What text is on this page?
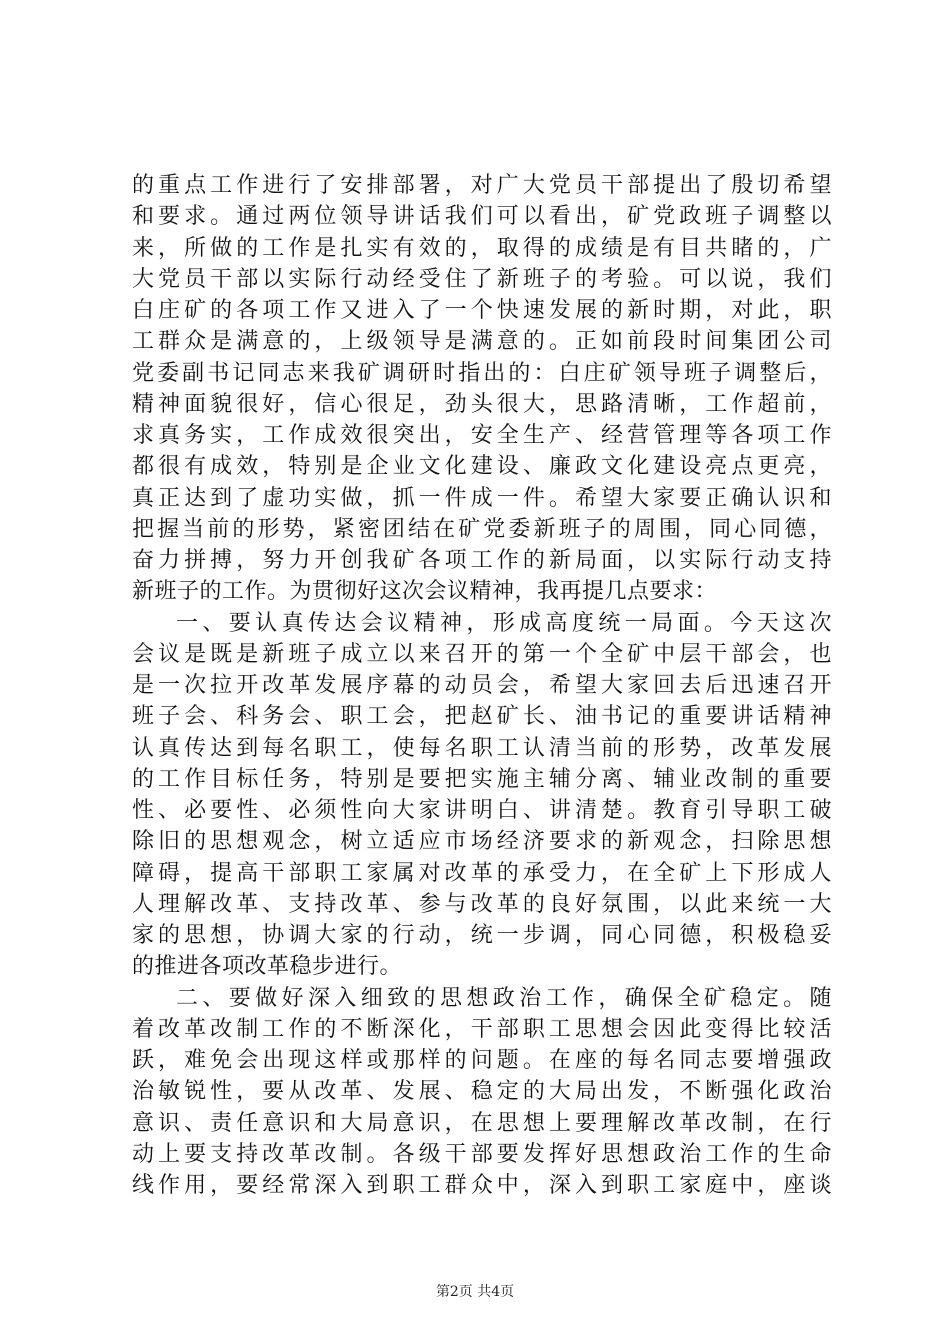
的重点工作进行了安排部署，对广大党员干部提出了殷切希望
和要求。通过两位领导讲话我们可以看出，矿党政班子调整以
来，所做的工作是扎实有效的，取得的成绩是有目共睹的，广
大党员干部以实际行动经受住了新班子的考验。可以说，我们
白庄矿的各项工作又进入了一个快速发展的新时期，对此，职
工群众是满意的，上级领导是满意的。正如前段时间集团公司
党委副书记同志来我矿调研时指出的：白庄矿领导班子调整后，
精神面貌很好，信心很足，劲头很大，思路清晰，工作超前，
求真务实，工作成效很突出，安全生产、经营管理等各项工作
都很有成效，特别是企业文化建设、廉政文化建设亮点更亮，
真正达到了虚功实做，抓一件成一件。希望大家要正确认识和
把握当前的形势，紧密团结在矿党委新班子的周围，同心同德，
奋力拼搏，努力开创我矿各项工作的新局面，以实际行动支持
新班子的工作。为贯彻好这次会议精神，我再提几点要求：
一、要认真传达会议精神，形成高度统一局面。今天这次
会议是既是新班子成立以来召开的第一个全矿中层干部会，也
是一次拉开改革发展序幕的动员会，希望大家回去后迅速召开
班子会、科务会、职工会，把赵矿长、油书记的重要讲话精神
认真传达到每名职工，使每名职工认清当前的形势，改革发展
的工作目标任务，特别是要把实施主辅分离、辅业改制的重要
性、必要性、必须性向大家讲明白、讲清楚。教育引导职工破
除旧的思想观念，树立适应市场经济要求的新观念，扫除思想
障碍，提高干部职工家属对改革的承受力，在全矿上下形成人
人理解改革、支持改革、参与改革的良好氛围，以此来统一大
家的思想，协调大家的行动，统一步调，同心同德，积极稳妥
的推进各项改革稳步进行。
二、要做好深入细致的思想政治工作，确保全矿稳定。随
着改革改制工作的不断深化，干部职工思想会因此变得比较活
跃，难免会出现这样或那样的问题。在座的每名同志要增强政
治敏锐性，要从改革、发展、稳定的大局出发，不断强化政治
意识、责任意识和大局意识，在思想上要理解改革改制，在行
动上要支持改革改制。各级干部要发挥好思想政治工作的生命
线作用，要经常深入到职工群众中，深入到职工家庭中，座谈
第2页 共4页
